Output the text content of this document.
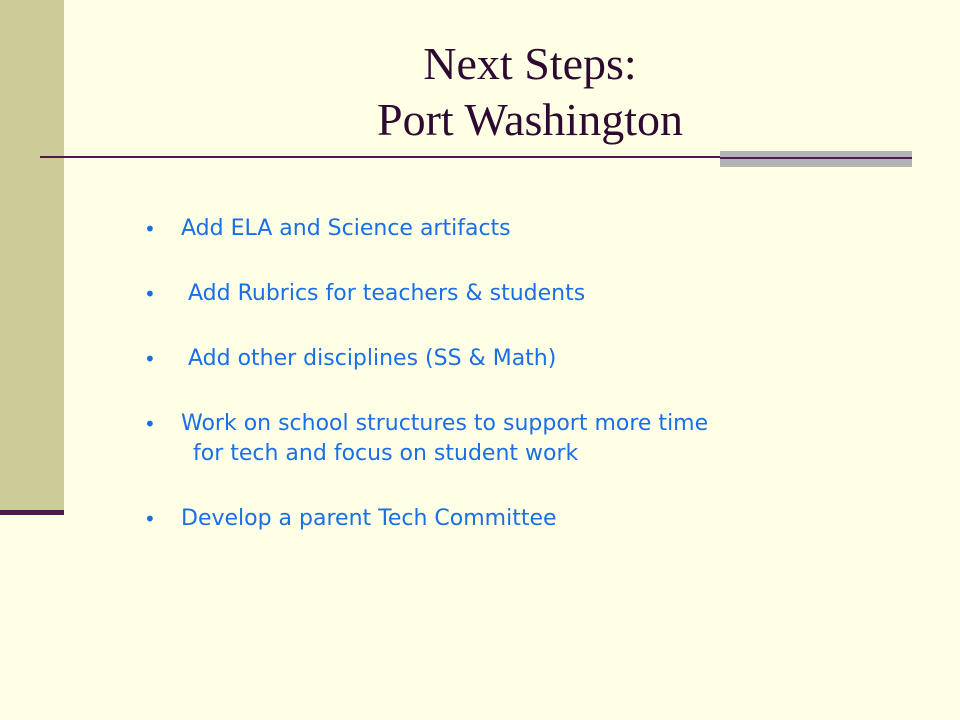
Next Steps:
Port Washington
• Add ELA and Science artifacts
• Add Rubrics for teachers & students
• Add other disciplines (SS & Math)
• Work on school structures to support more time
for tech and focus on student work
• Develop a parent Tech Committee
